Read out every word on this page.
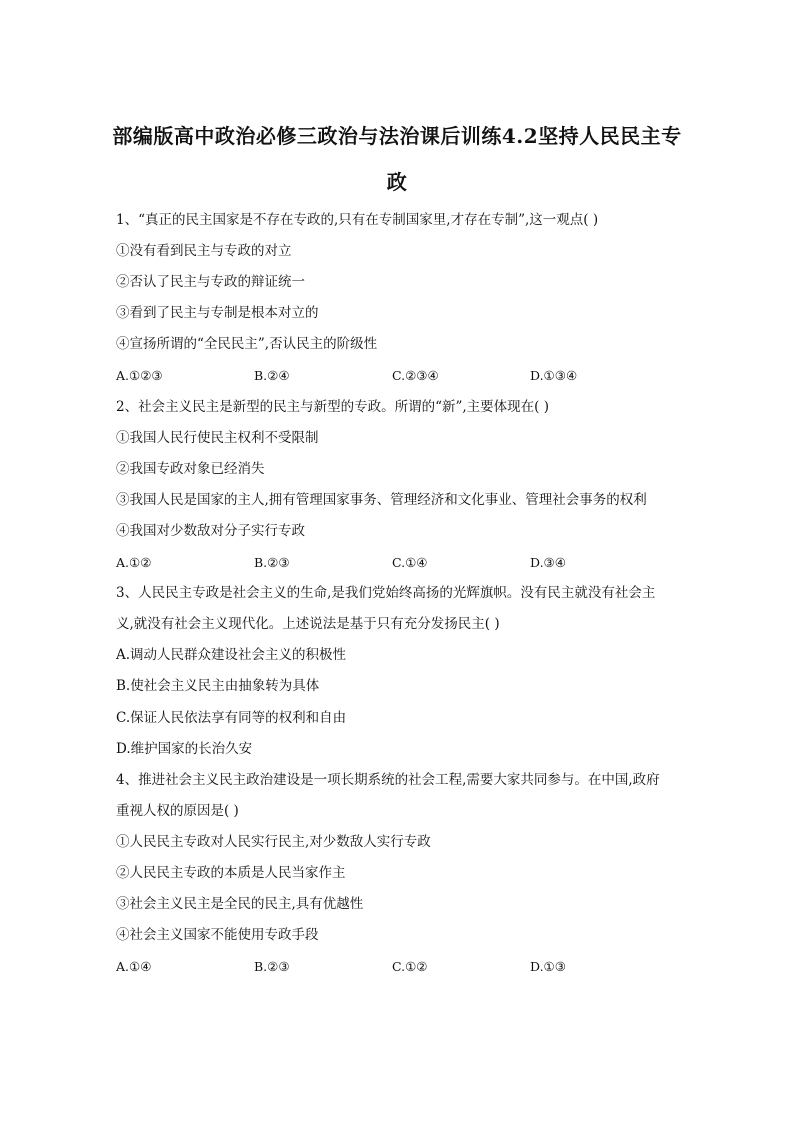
部编版高中政治必修三政治与法治课后训练4.2坚持人民民主专
政
1、“真正的民主国家是不存在专政的,只有在专制国家里,才存在专制”,这一观点( )
①没有看到民主与专政的对立
②否认了民主与专政的辩证统一
③看到了民主与专制是根本对立的
④宣扬所谓的“全民民主”,否认民主的阶级性
A.①②③	B.②④	C.②③④	D.①③④
2、社会主义民主是新型的民主与新型的专政。所谓的“新”,主要体现在( )
①我国人民行使民主权利不受限制
②我国专政对象已经消失
③我国人民是国家的主人,拥有管理国家事务、管理经济和文化事业、管理社会事务的权利
④我国对少数敌对分子实行专政
A.①②	B.②③	C.①④	D.③④
3、人民民主专政是社会主义的生命,是我们党始终高扬的光辉旗帜。没有民主就没有社会主
义,就没有社会主义现代化。上述说法是基于只有充分发扬民主( )
A.调动人民群众建设社会主义的积极性
B.使社会主义民主由抽象转为具体
C.保证人民依法享有同等的权利和自由
D.维护国家的长治久安
4、推进社会主义民主政治建设是一项长期系统的社会工程,需要大家共同参与。在中国,政府
重视人权的原因是( )
①人民民主专政对人民实行民主,对少数敌人实行专政
②人民民主专政的本质是人民当家作主
③社会主义民主是全民的民主,具有优越性
④社会主义国家不能使用专政手段
A.①④	B.②③	C.①②	D.①③
